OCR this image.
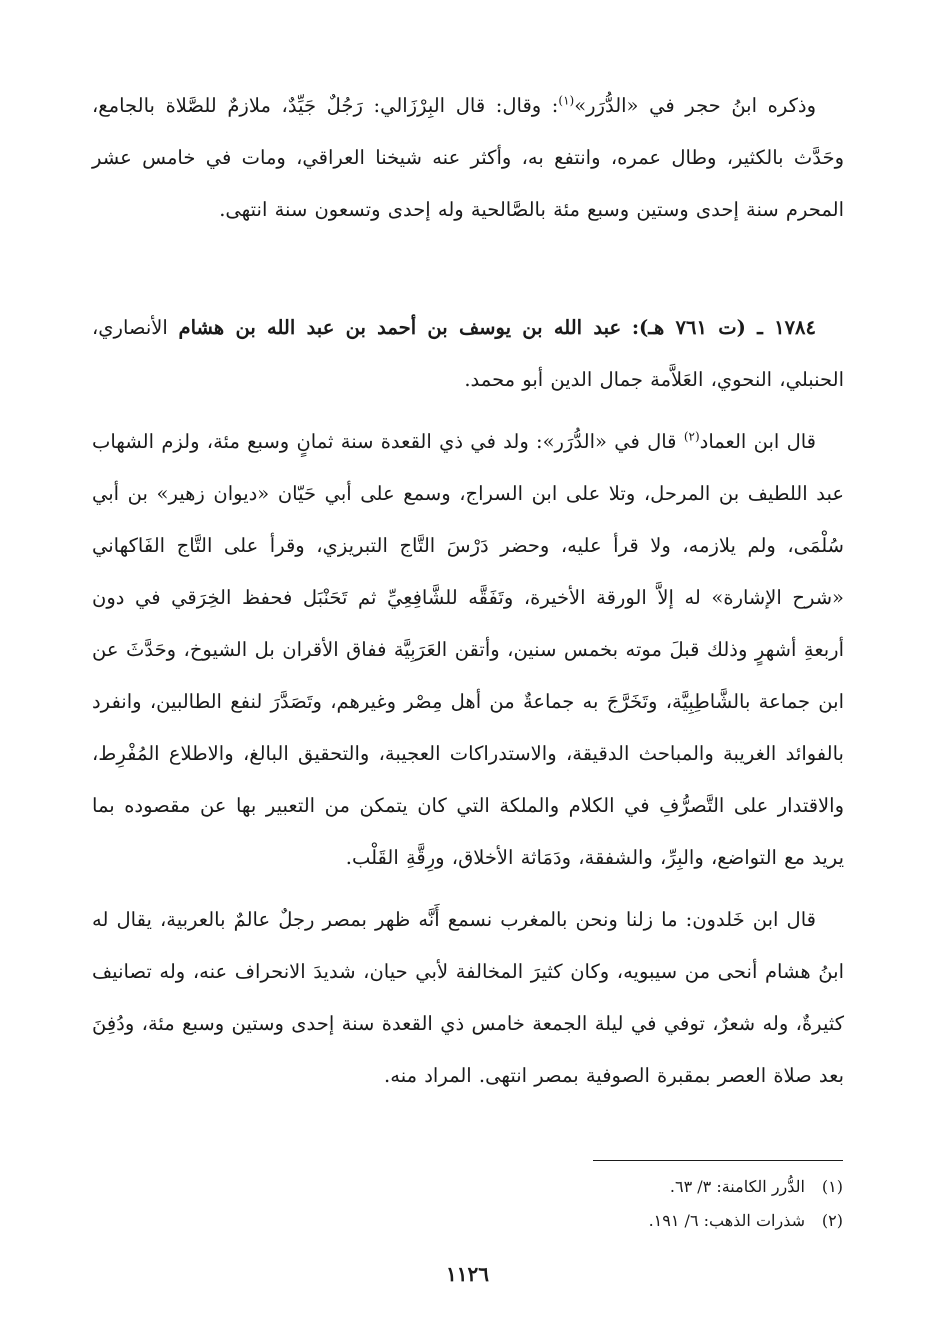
وذكره ابنُ حجر في «الدُّرَر»$^{(١)}$: وقال: قال البِرْزَالي: رَجُلٌ جَيِّدٌ، ملازمٌ للصَّلاة بالجامع، وحَدَّث بالكثير، وطال عمره، وانتفع به، وأكثر عنه شيخنا العراقي، ومات في خامس عشر المحرم سنة إحدى وستين وسبع مئة بالصَّالحية وله إحدى وتسعون سنة انتهى.

١٧٨٤ ـ (ت ٧٦١ هـ): عبد الله بن يوسف بن أحمد بن عبد الله بن هشام الأنصاري، الحنبلي، النحوي، العَلاَّمة جمال الدين أبو محمد.

قال ابن العماد$^{(٢)}$ قال في «الدُّرَر»: ولد في ذي القعدة سنة ثمانٍ وسبع مئة، ولزم الشهاب عبد اللطيف بن المرحل، وتلا على ابن السراج، وسمع على أبي حَيّان «ديوان زهير» بن أبي سُلْمَى، ولم يلازمه، ولا قرأ عليه، وحضر دَرْسَ التَّاج التبريزي، وقرأ على التَّاج الفَاكهاني «شرح الإشارة» له إلاَّ الورقة الأخيرة، وتَفَقَّه للشَّافِعِيِّ ثم تَحَنْبَل فحفظ الخِرَقي في دون أربعةِ أشهرٍ وذلك قبلَ موته بخمس سنين، وأتقن العَرَبِيَّة ففاق الأقران بل الشيوخ، وحَدَّثَ عن ابن جماعة بالشَّاطِبِيَّة، وتَخَرَّجَ به جماعةٌ من أهل مِصْر وغيرهم، وتَصَدَّرَ لنفع الطالبين، وانفرد بالفوائد الغريبة والمباحث الدقيقة، والاستدراكات العجيبة، والتحقيق البالغ، والاطلاع المُفْرِط، والاقتدار على التَّصرُّفِ في الكلام والملكة التي كان يتمكن من التعبير بها عن مقصوده بما يريد مع التواضع، والبِرِّ، والشفقة، ودَمَاثة الأخلاق، ورِقَّةِ القَلْب.

قال ابن خَلدون: ما زلنا ونحن بالمغرب نسمع أَنَّه ظهر بمصر رجلٌ عالمٌ بالعربية، يقال له ابنُ هشام أنحى من سيبويه، وكان كثيرَ المخالفة لأبي حيان، شديدَ الانحراف عنه، وله تصانيف كثيرةٌ، وله شعرٌ، توفي في ليلة الجمعة خامس ذي القعدة سنة إحدى وستين وسبع مئة، ودُفِنَ بعد صلاة العصر بمقبرة الصوفية بمصر انتهى. المراد منه.

(١)الدُّرر الكامنة: ٣/ ٦٣.
(٢)شذرات الذهب: ٦/ ١٩١.
١١٢٦
